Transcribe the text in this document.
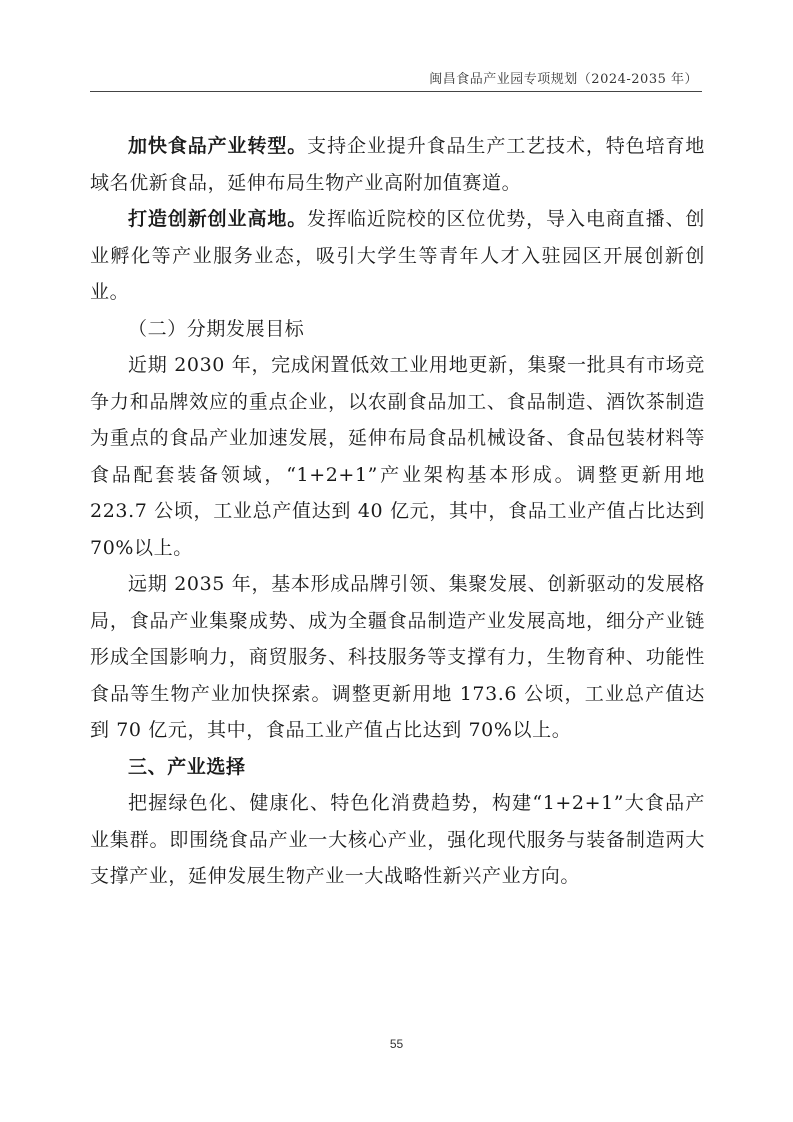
闽昌食品产业园专项规划（2024-2035 年）

加快食品产业转型。支持企业提升食品生产工艺技术，特色培育地域名优新食品，延伸布局生物产业高附加值赛道。

打造创新创业高地。发挥临近院校的区位优势，导入电商直播、创业孵化等产业服务业态，吸引大学生等青年人才入驻园区开展创新创业。

（二）分期发展目标

近期 2030 年，完成闲置低效工业用地更新，集聚一批具有市场竞争力和品牌效应的重点企业，以农副食品加工、食品制造、酒饮茶制造为重点的食品产业加速发展，延伸布局食品机械设备、食品包装材料等食品配套装备领域，“1+2+1”产业架构基本形成。调整更新用地 223.7 公顷，工业总产值达到 40 亿元，其中，食品工业产值占比达到 70%以上。

远期 2035 年，基本形成品牌引领、集聚发展、创新驱动的发展格局，食品产业集聚成势、成为全疆食品制造产业发展高地，细分产业链形成全国影响力，商贸服务、科技服务等支撑有力，生物育种、功能性食品等生物产业加快探索。调整更新用地 173.6 公顷，工业总产值达到 70 亿元，其中，食品工业产值占比达到 70%以上。

三、产业选择

把握绿色化、健康化、特色化消费趋势，构建“1+2+1”大食品产业集群。即围绕食品产业一大核心产业，强化现代服务与装备制造两大支撑产业，延伸发展生物产业一大战略性新兴产业方向。

55
